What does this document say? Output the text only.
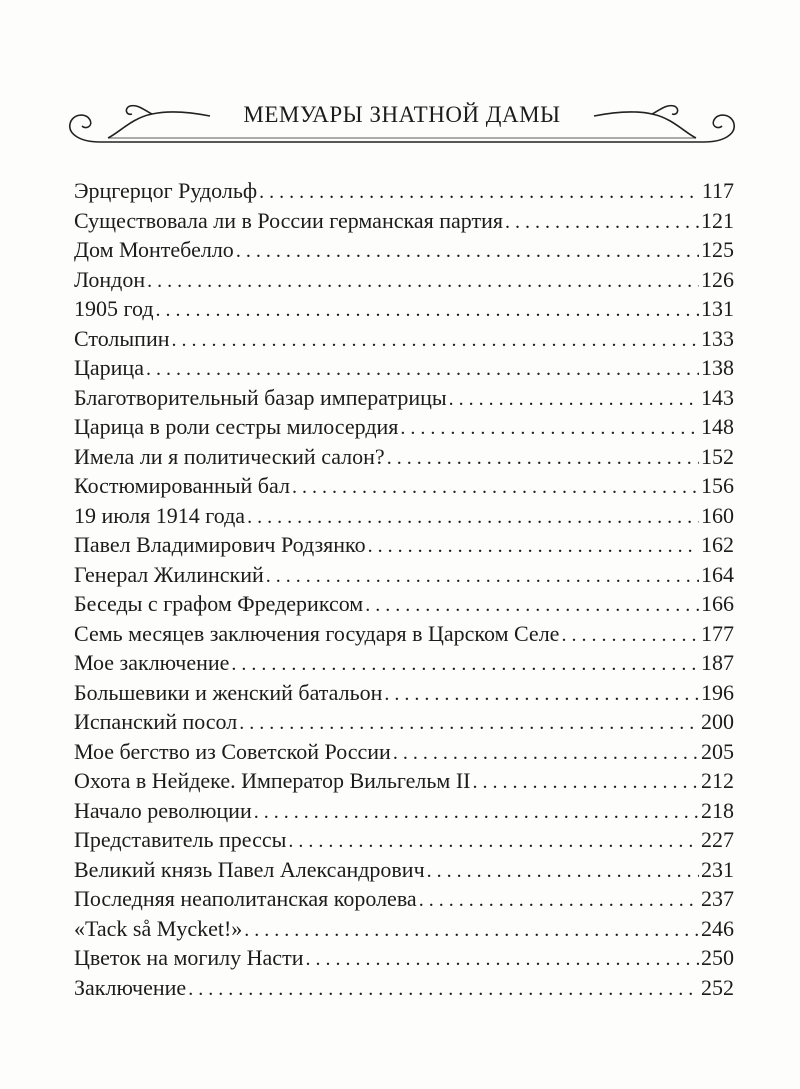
МЕМУАРЫ ЗНАТНОЙ ДАМЫ
Эрцгерцог Рудольф . . .	117
Существовала ли в России германская партия . . .	121
Дом Монтебелло . . .	125
Лондон . . .	126
1905 год . . .	131
Столыпин . . .	133
Царица . . .	138
Благотворительный базар императрицы . . .	143
Царица в роли сестры милосердия . . .	148
Имела ли я политический салон? . . .	152
Костюмированный бал . . .	156
19 июля 1914 года . . .	160
Павел Владимирович Родзянко . . .	162
Генерал Жилинский . . .	164
Беседы с графом Фредериксом . . .	166
Семь месяцев заключения государя в Царском Селе . . .	177
Мое заключение . . .	187
Большевики и женский батальон . . .	196
Испанский посол . . .	200
Мое бегство из Советской России . . .	205
Охота в Нейдеке. Император Вильгельм II . . .	212
Начало революции . . .	218
Представитель прессы . . .	227
Великий князь Павел Александрович . . .	231
Последняя неаполитанская королева . . .	237
«Tack så Mycket!» . . .	246
Цветок на могилу Насти . . .	250
Заключение . . .	252
